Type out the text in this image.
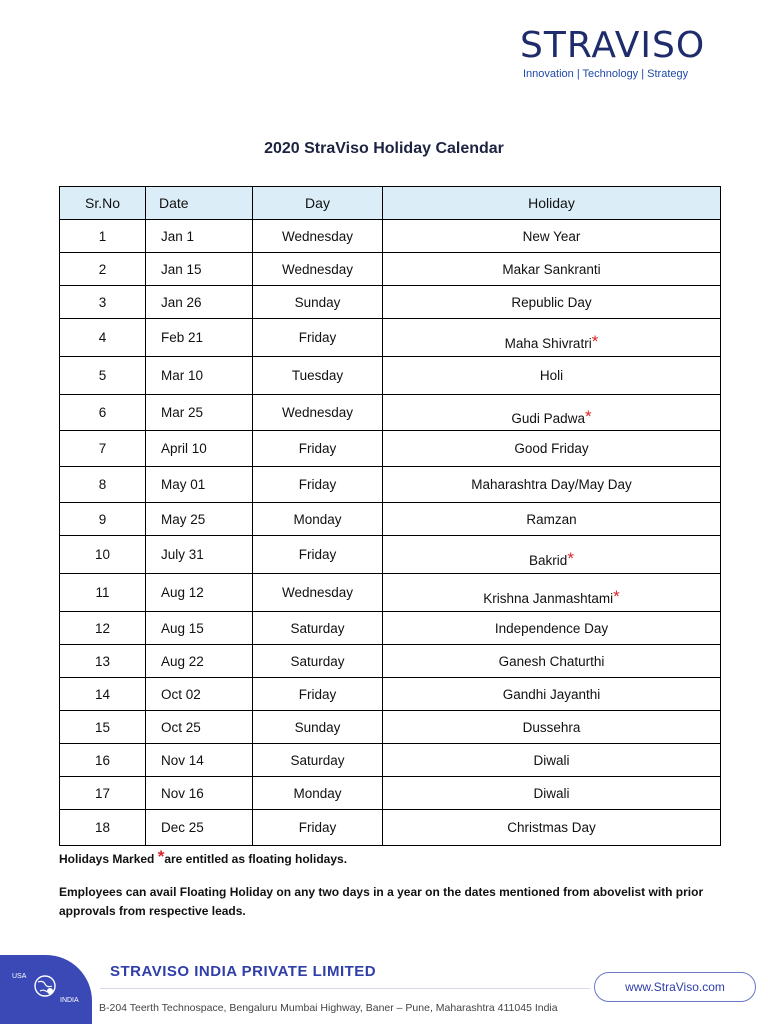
STRAVISO
Innovation | Technology | Strategy
2020 StraViso Holiday Calendar
Sr.No	Date	Day	Holiday
1	Jan 1	Wednesday	New Year
2	Jan 15	Wednesday	Makar Sankranti
3	Jan 26	Sunday	Republic Day
4	Feb 21	Friday	Maha Shivratri*
5	Mar 10	Tuesday	Holi
6	Mar 25	Wednesday	Gudi Padwa*
7	April 10	Friday	Good Friday
8	May 01	Friday	Maharashtra Day/May Day
9	May 25	Monday	Ramzan
10	July 31	Friday	Bakrid*
11	Aug 12	Wednesday	Krishna Janmashtami*
12	Aug 15	Saturday	Independence Day
13	Aug 22	Saturday	Ganesh Chaturthi
14	Oct 02	Friday	Gandhi Jayanthi
15	Oct 25	Sunday	Dussehra
16	Nov 14	Saturday	Diwali
17	Nov 16	Monday	Diwali
18	Dec 25	Friday	Christmas Day
Holidays Marked *are entitled as floating holidays.
Employees can avail Floating Holiday on any two days in a year on the dates mentioned from abovelist with prior approvals from respective leads.
USA
INDIA
STRAVISO INDIA PRIVATE LIMITED
B-204 Teerth Technospace, Bengaluru Mumbai Highway, Baner – Pune, Maharashtra 411045 India
www.StraViso.com
